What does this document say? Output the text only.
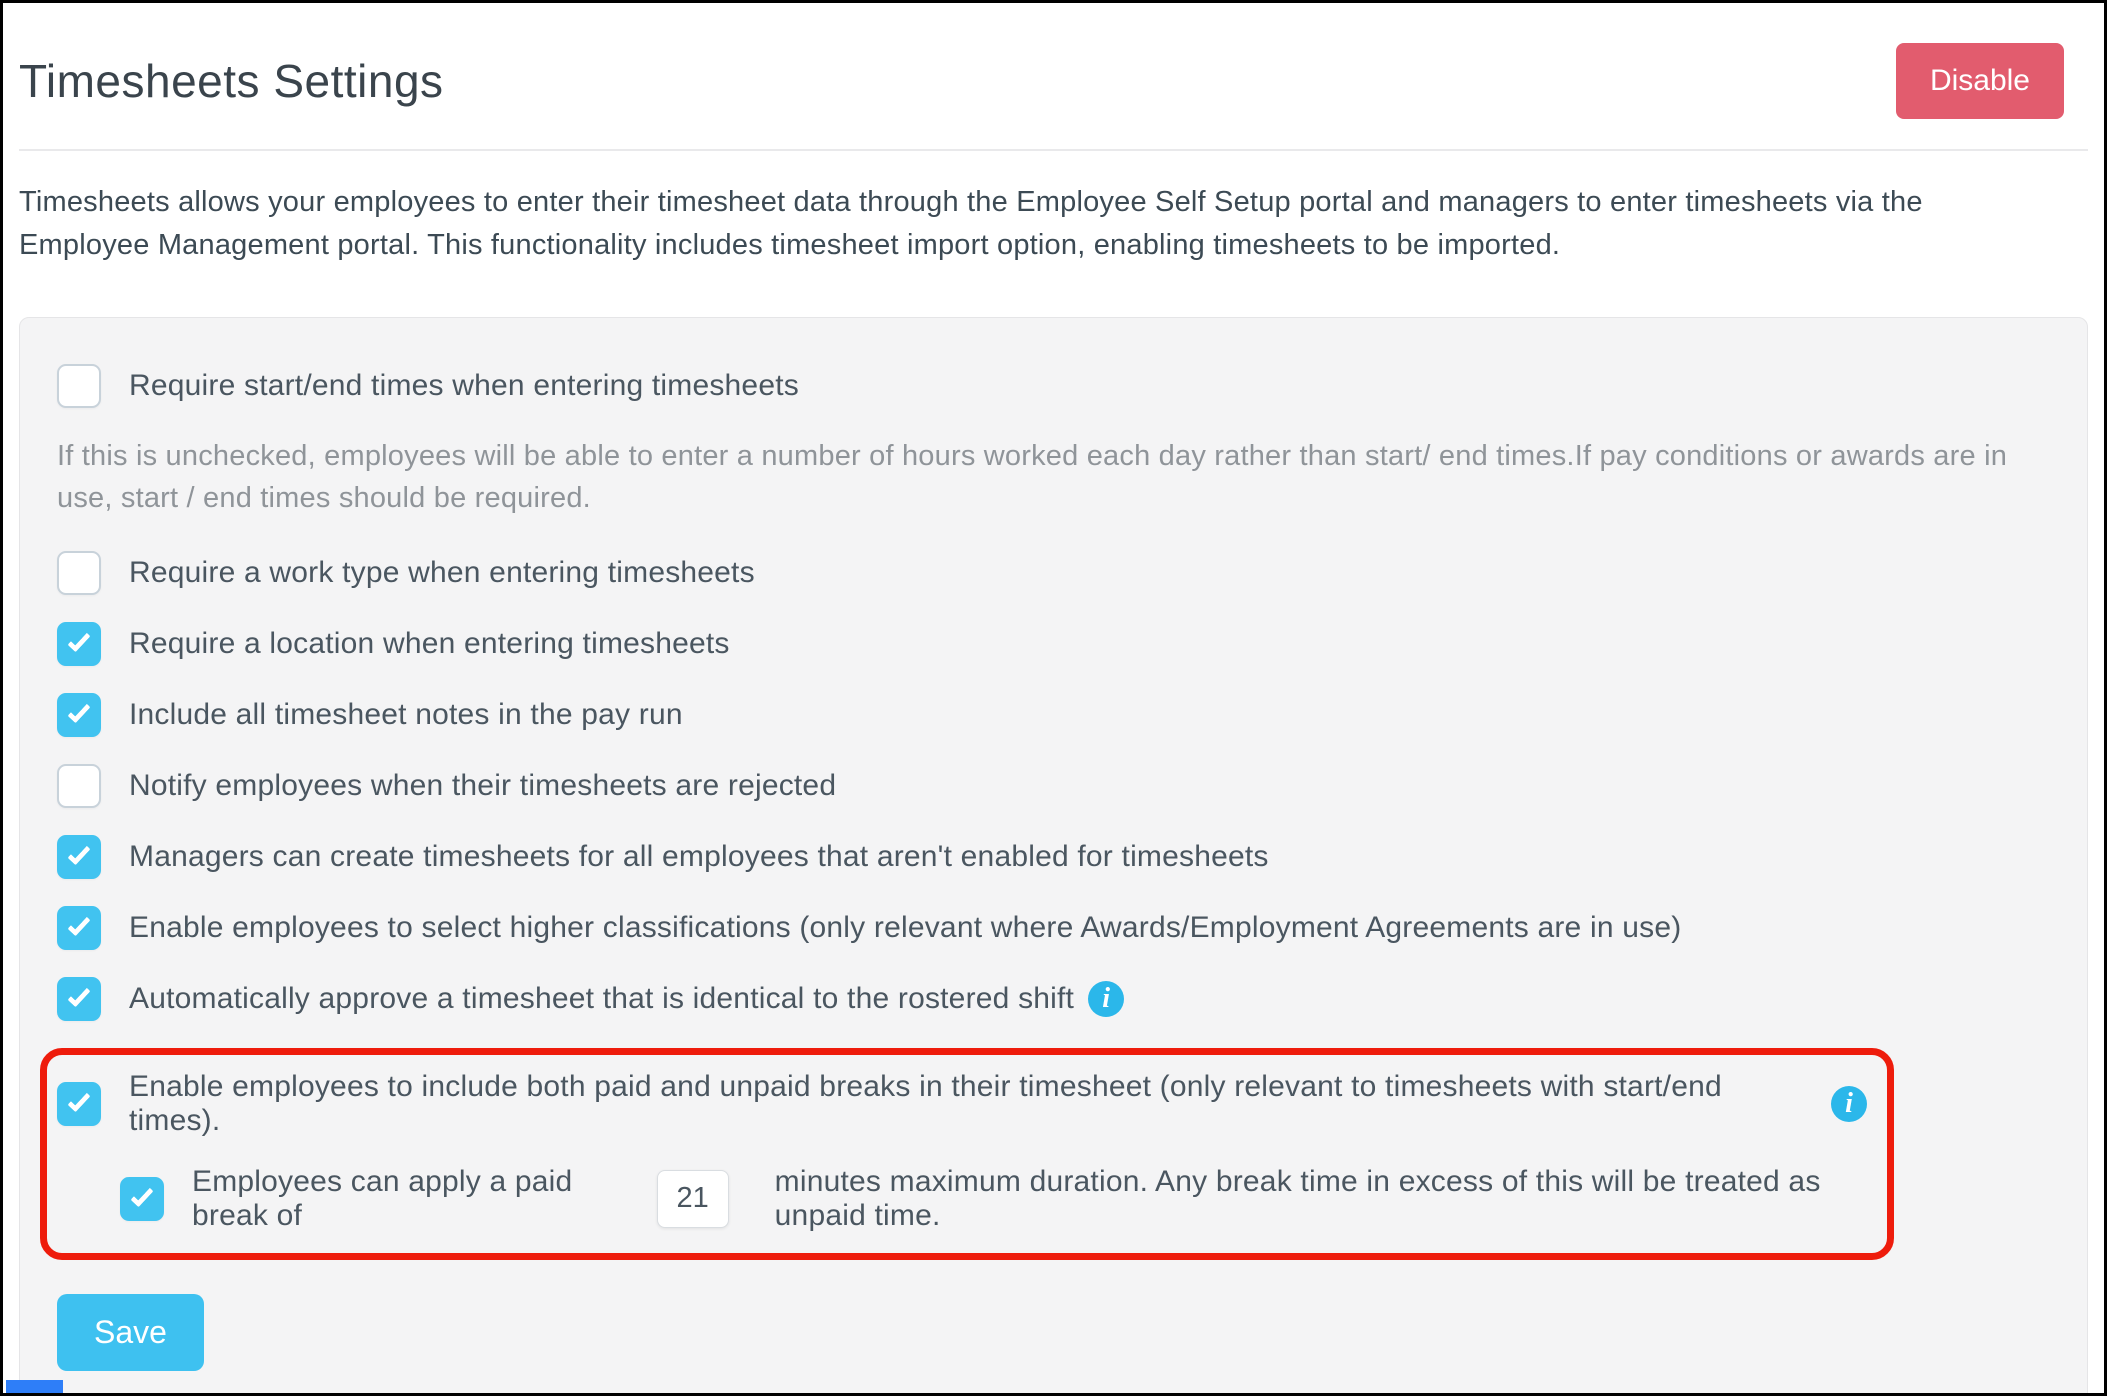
Timesheets Settings	Disable

Timesheets allows your employees to enter their timesheet data through the Employee Self Setup portal and managers to enter timesheets via the Employee Management portal. This functionality includes timesheet import option, enabling timesheets to be imported.

Require start/end times when entering timesheets

If this is unchecked, employees will be able to enter a number of hours worked each day rather than start/ end times.If pay conditions or awards are in use, start / end times should be required.

Require a work type when entering timesheets
Require a location when entering timesheets
Include all timesheet notes in the pay run
Notify employees when their timesheets are rejected
Managers can create timesheets for all employees that aren't enabled for timesheets
Enable employees to select higher classifications (only relevant where Awards/Employment Agreements are in use)
Automatically approve a timesheet that is identical to the rostered shift	i
Enable employees to include both paid and unpaid breaks in their timesheet (only relevant to timesheets with start/end times).
i
Employees can apply a paid break of
21
minutes maximum duration. Any break time in excess of this will be treated as unpaid time.
Save
